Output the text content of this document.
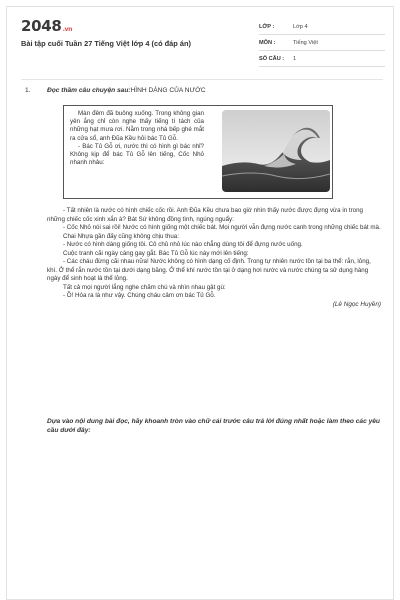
2048.vn
Bài tập cuối Tuần 27 Tiếng Việt lớp 4 (có đáp án)
LỚP :	Lớp 4
MÔN :	Tiếng Việt
SỐ CÂU :	1
1.	Đọc thầm câu chuyện sau:HÌNH DÁNG CỦA NƯỚC

Màn đêm đã buông xuống. Trong không gian yên ắng chỉ còn nghe thấy tiếng tí tách của những hạt mưa rơi. Nằm trong nhà bếp ghé mắt ra cửa sổ, anh Đũa Kều hỏi bác Tủ Gỗ.

- Bác Tủ Gỗ ơi, nước thì có hình gì bác nhỉ? Không kịp để bác Tủ Gỗ lên tiếng, Cốc Nhỏ nhanh nhảu:

- Tất nhiên là nước có hình chiếc cốc rồi. Anh Đũa Kều chưa bao giờ nhìn thấy nước được đựng vừa in trong những chiếc cốc xinh xắn à? Bát Sứ không đồng tình, ngúng nguẩy:

- Cốc Nhỏ nói sai rồi! Nước có hình giống một chiếc bát. Mọi người vẫn đựng nước canh trong những chiếc bát mà.

Chai Nhựa gần đấy cũng không chịu thua:

- Nước có hình dáng giống tôi. Cô chủ nhỏ lúc nào chẳng dùng tôi để đựng nước uống.

Cuộc tranh cãi ngày càng gay gắt. Bác Tủ Gỗ lúc này mới lên tiếng:

- Các cháu đừng cãi nhau nữa! Nước không có hình dạng cố định. Trong tự nhiên nước tồn tại ba thể: rắn, lỏng, khí. Ở thể rắn nước tồn tại dưới dạng băng. Ở thể khí nước tồn tại ở dạng hơi nước và nước chúng ta sử dụng hàng ngày để sinh hoạt là thể lỏng.

Tất cả mọi người lắng nghe chăm chú và nhìn nhau gật gù:

- Ồ! Hóa ra là như vậy. Chúng cháu cảm ơn bác Tủ Gỗ.

(Lê Ngọc Huyền)

Dựa vào nội dung bài đọc, hãy khoanh tròn vào chữ cái trước câu trả lời đúng nhất hoặc làm theo các yêu cầu dưới đây:
